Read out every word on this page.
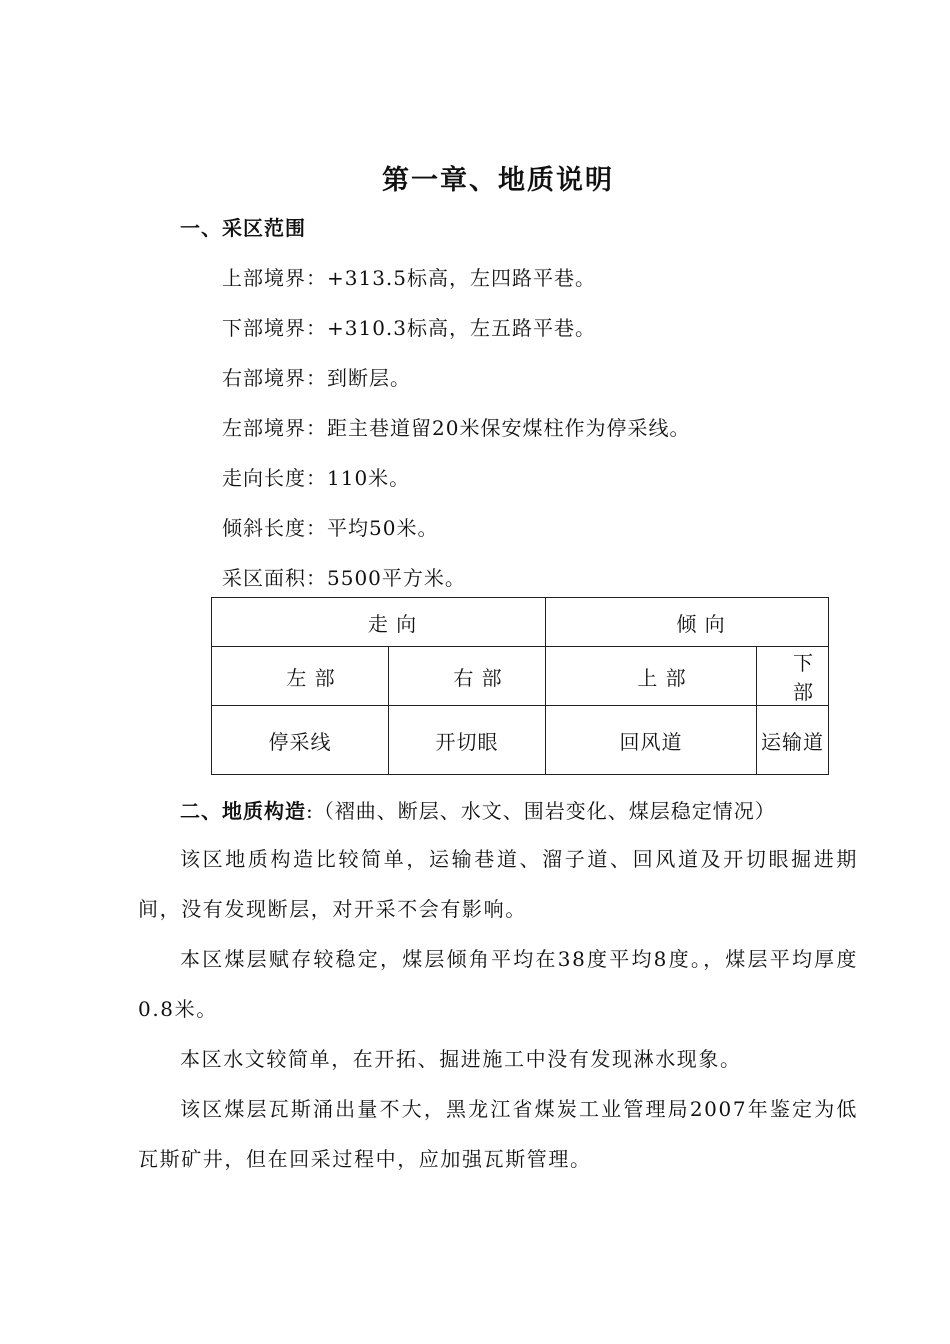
第一章、地质说明
一、采区范围
上部境界：+313.5标高，左四路平巷。
下部境界：+310.3标高，左五路平巷。
右部境界：到断层。
左部境界：距主巷道留20米保安煤柱作为停采线。
走向长度：110米。
倾斜长度：平均50米。
采区面积：5500平方米。
走 向		倾 向	
左 部	右 部	上 部	下 部
停采线	开切眼	回风道	运输道
二、地质构造:（褶曲、断层、水文、围岩变化、煤层稳定情况）
该区地质构造比较简单，运输巷道、溜子道、回风道及开切眼掘进期间，没有发现断层，对开采不会有影响。
本区煤层赋存较稳定，煤层倾角平均在38度平均8度。，煤层平均厚度0.8米。
本区水文较简单，在开拓、掘进施工中没有发现淋水现象。
该区煤层瓦斯涌出量不大，黑龙江省煤炭工业管理局2007年鉴定为低瓦斯矿井，但在回采过程中，应加强瓦斯管理。
